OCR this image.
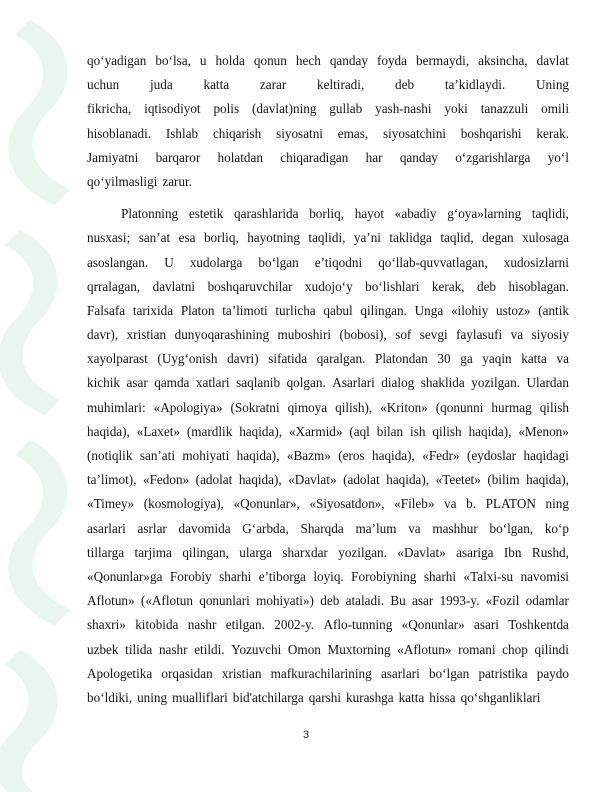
qo‘yadigan bo‘lsa, u holda qonun hech qanday foyda bermaydi, aksincha, davlat
uchun juda katta zarar keltiradi, deb ta’kidlaydi. Uning
fikricha, iqtisodiyot polis (davlat)ning gullab yash-nashi yoki tanazzuli omili
hisoblanadi. Ishlab chiqarish siyosatni emas, siyosatchini boshqarishi kerak.
Jamiyatni barqaror holatdan chiqaradigan har qanday o‘zgarishlarga yo‘l
qo‘yilmasligi zarur.
Platonning estetik qarashlarida borliq, hayot «abadiy g‘oya»larning taqlidi,
nusxasi; san’at esa borliq, hayotning taqlidi, ya’ni taklidga taqlid, degan xulosaga
asoslangan. U xudolarga bo‘lgan e’tiqodni qo‘llab-quvvatlagan, xudosizlarni
qrralagan, davlatni boshqaruvchilar xudojo‘y bo‘lishlari kerak, deb hisoblagan.
Falsafa tarixida Platon ta’limoti turlicha qabul qilingan. Unga «ilohiy ustoz» (antik
davr), xristian dunyoqarashining muboshiri (bobosi), sof sevgi faylasufi va siyosiy
xayolparast (Uyg‘onish davri) sifatida qaralgan. Platondan 30 ga yaqin katta va
kichik asar qamda xatlari saqlanib qolgan. Asarlari dialog shaklida yozilgan. Ulardan
muhimlari: «Apologiya» (Sokratni qimoya qilish), «Kriton» (qonunni hurmag qilish
haqida), «Laxet» (mardlik haqida), «Xarmid» (aql bilan ish qilish haqida), «Menon»
(notiqlik san’ati mohiyati haqida), «Bazm» (eros haqida), «Fedr» (eydoslar haqidagi
ta’limot), «Fedon» (adolat haqida), «Davlat» (adolat haqida), «Teetet» (bilim haqida),
«Timey» (kosmologiya), «Qonunlar», «Siyosatdon», «Fileb» va b. PLATON ning
asarlari asrlar davomida G‘arbda, Sharqda ma’lum va mashhur bo‘lgan, ko‘p
tillarga tarjima qilingan, ularga sharxdar yozilgan. «Davlat» asariga Ibn Rushd,
«Qonunlar»ga Forobiy sharhi e’tiborga loyiq. Forobiyning sharhi «Talxi-su navomisi
Aflotun» («Aflotun qonunlari mohiyati») deb ataladi. Bu asar 1993-y. «Fozil odamlar
shaxri» kitobida nashr etilgan. 2002-y. Aflo-tunning «Qonunlar» asari Toshkentda
uzbek tilida nashr etildi. Yozuvchi Omon Muxtorning «Aflotun» romani chop qilindi
Apologetika orqasidan xristian mafkurachilarining asarlari bo‘lgan patristika paydo
bo‘ldiki, uning mualliflari bid'atchilarga qarshi kurashga katta hissa qo‘shganliklari
3
